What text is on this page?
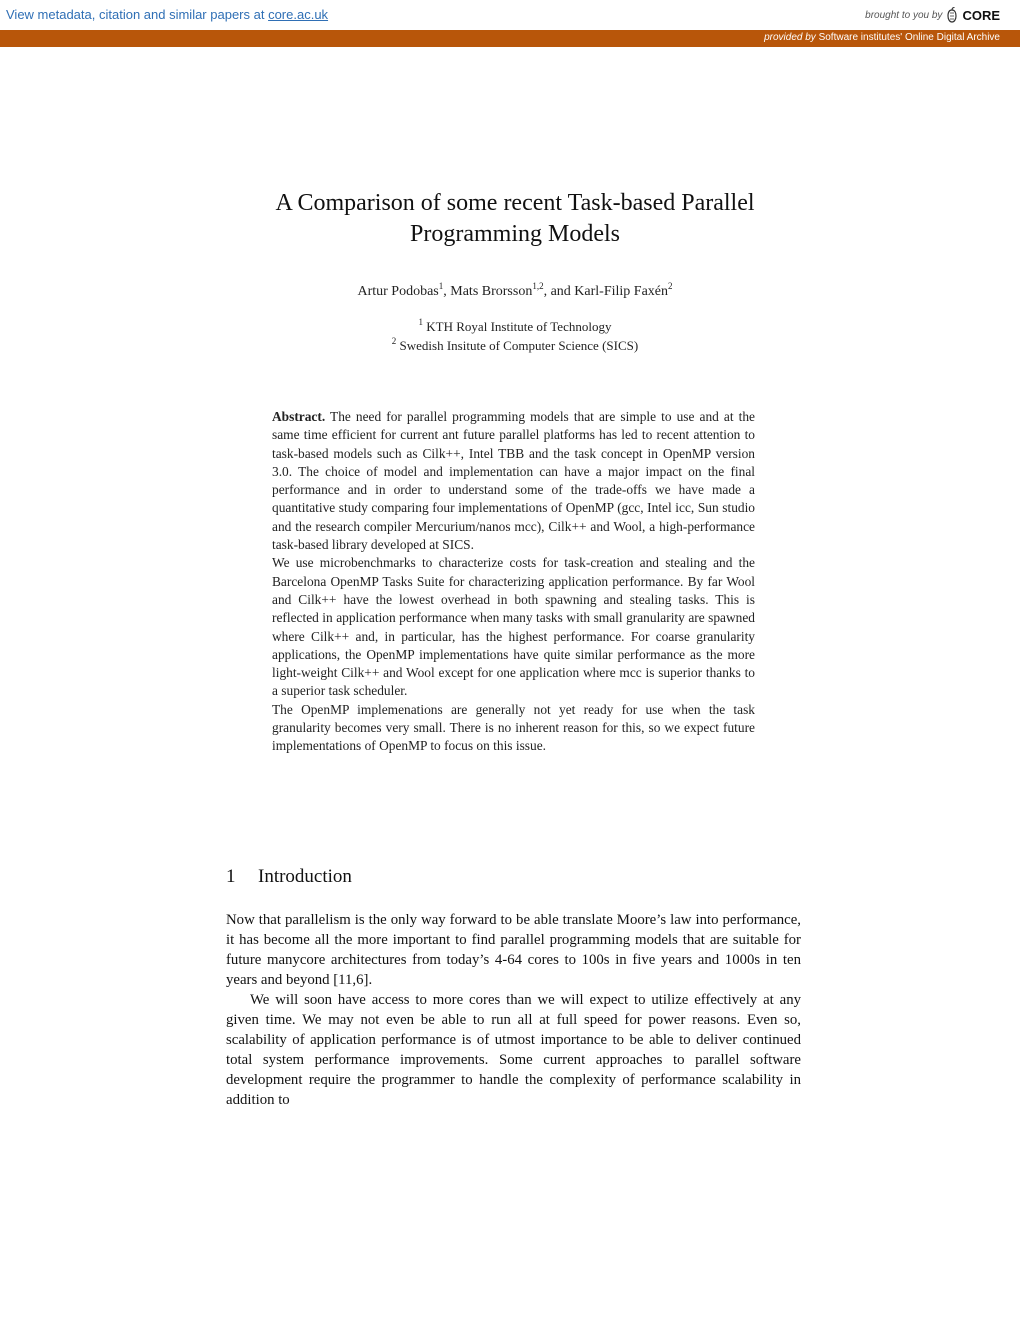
View metadata, citation and similar papers at core.ac.uk	brought to you by CORE
provided by Software institutes' Online Digital Archive
A Comparison of some recent Task-based Parallel
Programming Models
Artur Podobas$^1$, Mats Brorsson$^{1,2}$, and Karl-Filip Faxén$^2$
$^1$ KTH Royal Institute of Technology
$^2$ Swedish Insitute of Computer Science (SICS)

Abstract. The need for parallel programming models that are simple to use and at the same time efficient for current ant future parallel platforms has led to recent attention to task-based models such as Cilk++, Intel TBB and the task concept in OpenMP version 3.0. The choice of model and implementation can have a major impact on the final performance and in order to understand some of the trade-offs we have made a quantitative study comparing four implementations of OpenMP (gcc, Intel icc, Sun studio and the research compiler Mercurium/nanos mcc), Cilk++ and Wool, a high-performance task-based library developed at SICS.

We use microbenchmarks to characterize costs for task-creation and stealing and the Barcelona OpenMP Tasks Suite for characterizing application performance. By far Wool and Cilk++ have the lowest overhead in both spawning and stealing tasks. This is reflected in application performance when many tasks with small granularity are spawned where Cilk++ and, in particular, has the highest performance. For coarse granularity applications, the OpenMP implementations have quite similar performance as the more light-weight Cilk++ and Wool except for one application where mcc is superior thanks to a superior task scheduler.

The OpenMP implemenations are generally not yet ready for use when the task granularity becomes very small. There is no inherent reason for this, so we expect future implementations of OpenMP to focus on this issue.

1 Introduction

Now that parallelism is the only way forward to be able translate Moore’s law into performance, it has become all the more important to find parallel programming models that are suitable for future manycore architectures from today’s 4-64 cores to 100s in five years and 1000s in ten years and beyond [11,6].

We will soon have access to more cores than we will expect to utilize effectively at any given time. We may not even be able to run all at full speed for power reasons. Even so, scalability of application performance is of utmost importance to be able to deliver continued total system performance improvements. Some current approaches to parallel software development require the programmer to handle the complexity of performance scalability in addition to
